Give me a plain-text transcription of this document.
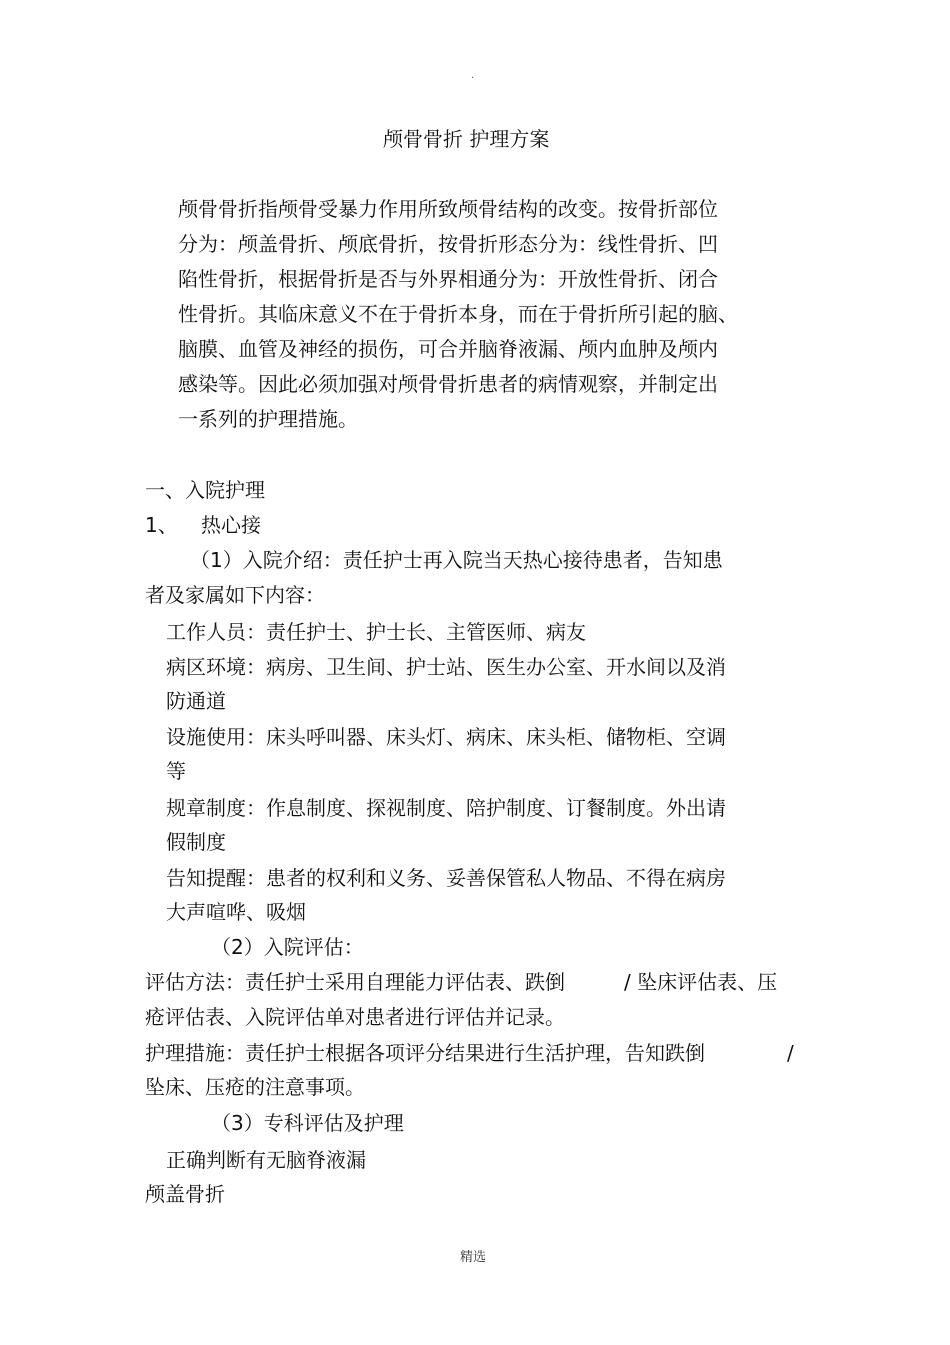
·
颅骨骨折 护理方案
颅骨骨折指颅骨受暴力作用所致颅骨结构的改变。按骨折部位
分为：颅盖骨折、颅底骨折，按骨折形态分为：线性骨折、凹
陷性骨折，根据骨折是否与外界相通分为：开放性骨折、闭合
性骨折。其临床意义不在于骨折本身，而在于骨折所引起的脑、
脑膜、血管及神经的损伤，可合并脑脊液漏、颅内血肿及颅内
感染等。因此必须加强对颅骨骨折患者的病情观察，并制定出
一系列的护理措施。
一、入院护理
1、 热心接
（1）入院介绍：责任护士再入院当天热心接待患者，告知患
者及家属如下内容：
工作人员：责任护士、护士长、主管医师、病友
病区环境：病房、卫生间、护士站、医生办公室、开水间以及消
防通道
设施使用：床头呼叫器、床头灯、病床、床头柜、储物柜、空调
等
规章制度：作息制度、探视制度、陪护制度、订餐制度。外出请
假制度
告知提醒：患者的权利和义务、妥善保管私人物品、不得在病房
大声喧哗、吸烟
（2）入院评估：
评估方法：责任护士采用自理能力评估表、跌倒	/ 坠床评估表、压
疮评估表、入院评估单对患者进行评估并记录。
护理措施：责任护士根据各项评分结果进行生活护理，告知跌倒	/
坠床、压疮的注意事项。
（3）专科评估及护理
正确判断有无脑脊液漏
颅盖骨折
精选
